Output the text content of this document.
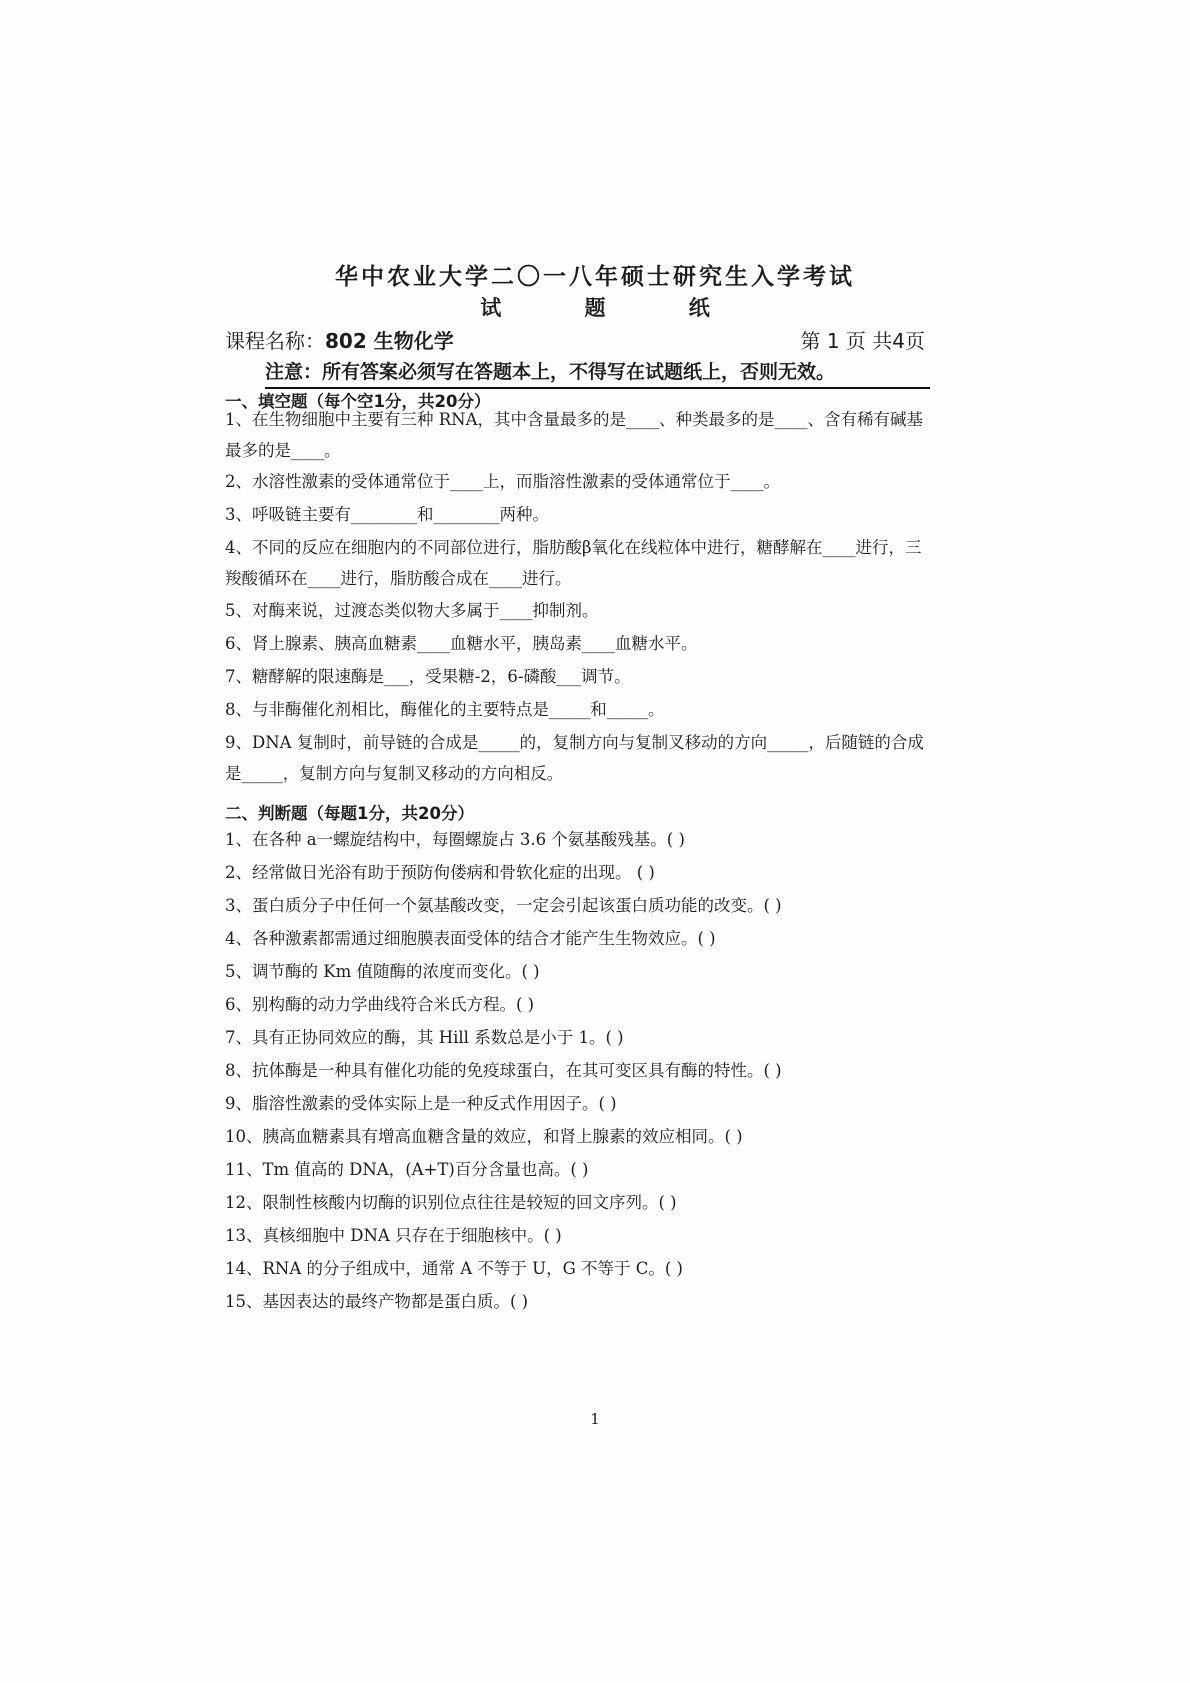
华中农业大学二〇一八年硕士研究生入学考试
试 题 纸
课程名称：802 生物化学	第 1 页 共4页
注意：所有答案必须写在答题本上，不得写在试题纸上，否则无效。
一、填空题（每个空1分，共20分）
1、在生物细胞中主要有三种 RNA，其中含量最多的是____、种类最多的是____、含有稀有碱基最多的是____。
2、水溶性激素的受体通常位于____上，而脂溶性激素的受体通常位于____。
3、呼吸链主要有________和________两种。
4、不同的反应在细胞内的不同部位进行，脂肪酸β氧化在线粒体中进行，糖酵解在____进行，三羧酸循环在____进行，脂肪酸合成在____进行。
5、对酶来说，过渡态类似物大多属于____抑制剂。
6、肾上腺素、胰高血糖素____血糖水平，胰岛素____血糖水平。
7、糖酵解的限速酶是___，受果糖-2，6-磷酸___调节。
8、与非酶催化剂相比，酶催化的主要特点是_____和_____。
9、DNA 复制时，前导链的合成是_____的，复制方向与复制叉移动的方向_____，后随链的合成是_____，复制方向与复制叉移动的方向相反。
二、判断题（每题1分，共20分）
1、在各种 a一螺旋结构中，每圈螺旋占 3.6 个氨基酸残基。( )
2、经常做日光浴有助于预防佝偻病和骨软化症的出现。 ( )
3、蛋白质分子中任何一个氨基酸改变，一定会引起该蛋白质功能的改变。( )
4、各种激素都需通过细胞膜表面受体的结合才能产生生物效应。( )
5、调节酶的 Km 值随酶的浓度而变化。( )
6、别构酶的动力学曲线符合米氏方程。( )
7、具有正协同效应的酶，其 Hill 系数总是小于 1。( )
8、抗体酶是一种具有催化功能的免疫球蛋白，在其可变区具有酶的特性。( )
9、脂溶性激素的受体实际上是一种反式作用因子。( )
10、胰高血糖素具有增高血糖含量的效应，和肾上腺素的效应相同。( )
11、Tm 值高的 DNA，(A+T)百分含量也高。( )
12、限制性核酸内切酶的识别位点往往是较短的回文序列。( )
13、真核细胞中 DNA 只存在于细胞核中。( )
14、RNA 的分子组成中，通常 A 不等于 U，G 不等于 C。( )
15、基因表达的最终产物都是蛋白质。( )
1
